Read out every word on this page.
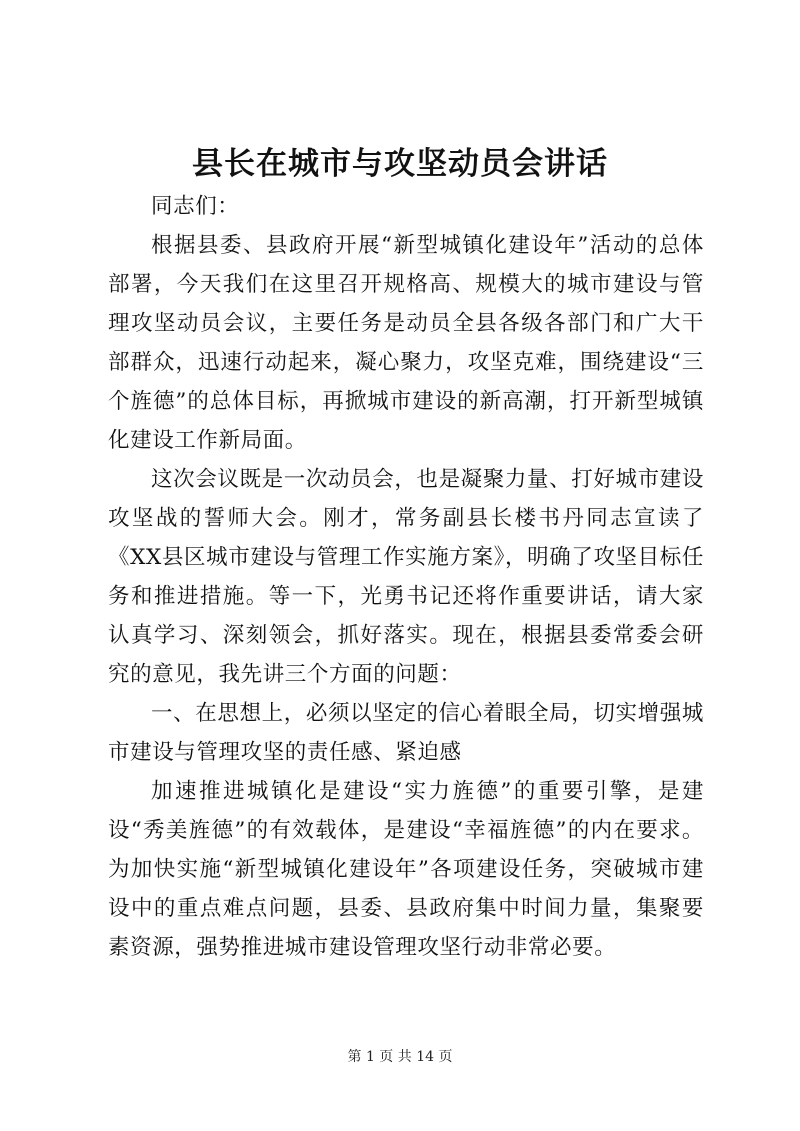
县长在城市与攻坚动员会讲话

同志们：

根据县委、县政府开展“新型城镇化建设年”活动的总体部署，今天我们在这里召开规格高、规模大的城市建设与管理攻坚动员会议，主要任务是动员全县各级各部门和广大干部群众，迅速行动起来，凝心聚力，攻坚克难，围绕建设“三个旌德”的总体目标，再掀城市建设的新高潮，打开新型城镇化建设工作新局面。

这次会议既是一次动员会，也是凝聚力量、打好城市建设攻坚战的誓师大会。刚才，常务副县长楼书丹同志宣读了《XX县区城市建设与管理工作实施方案》，明确了攻坚目标任务和推进措施。等一下，光勇书记还将作重要讲话，请大家认真学习、深刻领会，抓好落实。现在，根据县委常委会研究的意见，我先讲三个方面的问题：

一、在思想上，必须以坚定的信心着眼全局，切实增强城市建设与管理攻坚的责任感、紧迫感

加速推进城镇化是建设“实力旌德”的重要引擎，是建设“秀美旌德”的有效载体，是建设“幸福旌德”的内在要求。为加快实施“新型城镇化建设年”各项建设任务，突破城市建设中的重点难点问题，县委、县政府集中时间力量，集聚要素资源，强势推进城市建设管理攻坚行动非常必要。

第 1 页 共 14 页
